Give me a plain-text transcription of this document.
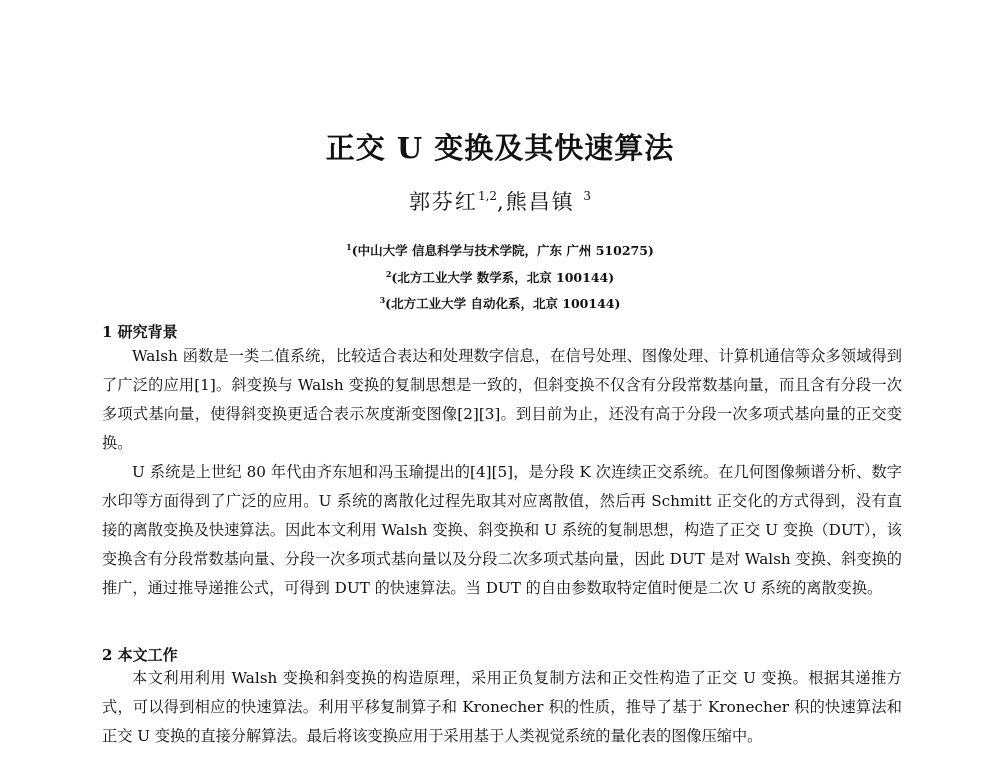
正交 U 变换及其快速算法
郭芬红$^{1,2}$,熊昌镇 $^3$
$^1$(中山大学 信息科学与技术学院，广东 广州 510275)
$^2$(北方工业大学 数学系，北京 100144)
$^3$(北方工业大学 自动化系，北京 100144)
1 研究背景
Walsh 函数是一类二值系统，比较适合表达和处理数字信息，在信号处理、图像处理、计算机通信等众多领域得到了广泛的应用[1]。斜变换与 Walsh 变换的复制思想是一致的，但斜变换不仅含有分段常数基向量，而且含有分段一次多项式基向量，使得斜变换更适合表示灰度渐变图像[2][3]。到目前为止，还没有高于分段一次多项式基向量的正交变换。
U 系统是上世纪 80 年代由齐东旭和冯玉瑜提出的[4][5]，是分段 K 次连续正交系统。在几何图像频谱分析、数字水印等方面得到了广泛的应用。U 系统的离散化过程先取其对应离散值，然后再 Schmitt 正交化的方式得到，没有直接的离散变换及快速算法。因此本文利用 Walsh 变换、斜变换和 U 系统的复制思想，构造了正交 U 变换（DUT），该变换含有分段常数基向量、分段一次多项式基向量以及分段二次多项式基向量，因此 DUT 是对 Walsh 变换、斜变换的推广，通过推导递推公式，可得到 DUT 的快速算法。当 DUT 的自由参数取特定值时便是二次 U 系统的离散变换。
2 本文工作
本文利用利用 Walsh 变换和斜变换的构造原理，采用正负复制方法和正交性构造了正交 U 变换。根据其递推方式，可以得到相应的快速算法。利用平移复制算子和 Kronecher 积的性质，推导了基于 Kronecher 积的快速算法和正交 U 变换的直接分解算法。最后将该变换应用于采用基于人类视觉系统的量化表的图像压缩中。
